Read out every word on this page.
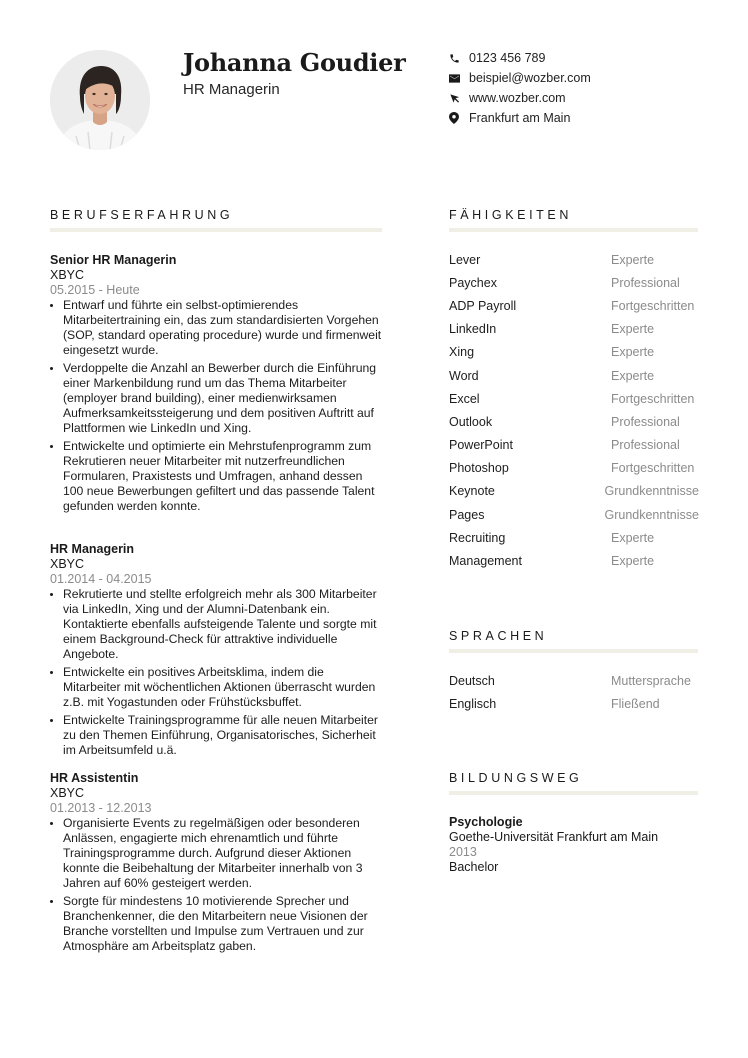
Johanna Goudier
HR Managerin
0123 456 789
beispiel@wozber.com
www.wozber.com
Frankfurt am Main
BERUFSERFAHRUNG
Senior HR Managerin
XBYC
05.2015 - Heute
• Entwarf und führte ein selbst-optimierendes Mitarbeitertraining ein, das zum standardisierten Vorgehen (SOP, standard operating procedure) wurde und firmenweit eingesetzt wurde.
• Verdoppelte die Anzahl an Bewerber durch die Einführung einer Markenbildung rund um das Thema Mitarbeiter (employer brand building), einer medienwirksamen Aufmerksamkeitssteigerung und dem positiven Auftritt auf Plattformen wie LinkedIn und Xing.
• Entwickelte und optimierte ein Mehrstufenprogramm zum Rekrutieren neuer Mitarbeiter mit nutzerfreundlichen Formularen, Praxistests und Umfragen, anhand dessen 100 neue Bewerbungen gefiltert und das passende Talent gefunden werden konnte.
HR Managerin
XBYC
01.2014 - 04.2015
• Rekrutierte und stellte erfolgreich mehr als 300 Mitarbeiter via LinkedIn, Xing und der Alumni-Datenbank ein. Kontaktierte ebenfalls aufsteigende Talente und sorgte mit einem Background-Check für attraktive individuelle Angebote.
• Entwickelte ein positives Arbeitsklima, indem die Mitarbeiter mit wöchentlichen Aktionen überrascht wurden z.B. mit Yogastunden oder Frühstücksbuffet.
• Entwickelte Trainingsprogramme für alle neuen Mitarbeiter zu den Themen Einführung, Organisatorisches, Sicherheit im Arbeitsumfeld u.ä.
HR Assistentin
XBYC
01.2013 - 12.2013
• Organisierte Events zu regelmäßigen oder besonderen Anlässen, engagierte mich ehrenamtlich und führte Trainingsprogramme durch. Aufgrund dieser Aktionen konnte die Beibehaltung der Mitarbeiter innerhalb von 3 Jahren auf 60% gesteigert werden.
• Sorgte für mindestens 10 motivierende Sprecher und Branchenkenner, die den Mitarbeitern neue Visionen der Branche vorstellten und Impulse zum Vertrauen und zur Atmosphäre am Arbeitsplatz gaben.
FÄHIGKEITEN
Lever	Experte
Paychex	Professional
ADP Payroll	Fortgeschritten
LinkedIn	Experte
Xing	Experte
Word	Experte
Excel	Fortgeschritten
Outlook	Professional
PowerPoint	Professional
Photoshop	Fortgeschritten
Keynote	Grundkenntnisse
Pages	Grundkenntnisse
Recruiting	Experte
Management	Experte
SPRACHEN
Deutsch	Muttersprache
Englisch	Fließend
BILDUNGSWEG
Psychologie
Goethe-Universität Frankfurt am Main
2013
Bachelor
